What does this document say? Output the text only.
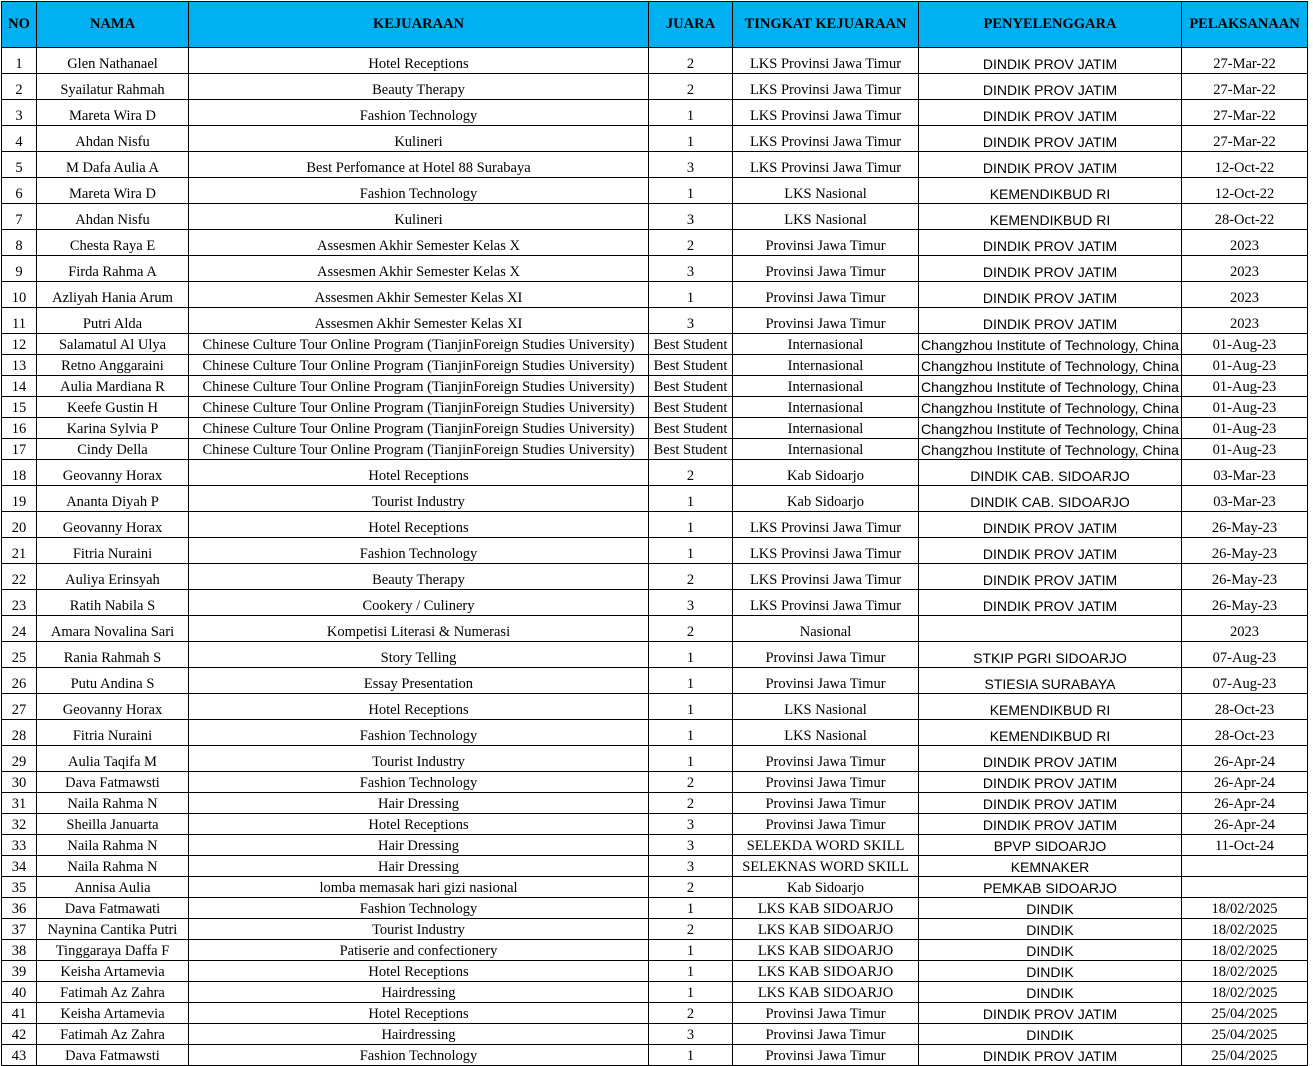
NO	NAMA	KEJUARAAN	JUARA	TINGKAT KEJUARAAN	PENYELENGGARA	PELAKSANAAN
1	Glen Nathanael	Hotel Receptions	2	LKS Provinsi Jawa Timur	DINDIK PROV JATIM	27-Mar-22
2	Syailatur Rahmah	Beauty Therapy	2	LKS Provinsi Jawa Timur	DINDIK PROV JATIM	27-Mar-22
3	Mareta Wira D	Fashion Technology	1	LKS Provinsi Jawa Timur	DINDIK PROV JATIM	27-Mar-22
4	Ahdan Nisfu	Kulineri	1	LKS Provinsi Jawa Timur	DINDIK PROV JATIM	27-Mar-22
5	M Dafa Aulia A	Best Perfomance at Hotel 88 Surabaya	3	LKS Provinsi Jawa Timur	DINDIK PROV JATIM	12-Oct-22
6	Mareta Wira D	Fashion Technology	1	LKS Nasional	KEMENDIKBUD RI	12-Oct-22
7	Ahdan Nisfu	Kulineri	3	LKS Nasional	KEMENDIKBUD RI	28-Oct-22
8	Chesta Raya E	Assesmen Akhir Semester Kelas X	2	Provinsi Jawa Timur	DINDIK PROV JATIM	2023
9	Firda Rahma A	Assesmen Akhir Semester Kelas X	3	Provinsi Jawa Timur	DINDIK PROV JATIM	2023
10	Azliyah Hania Arum	Assesmen Akhir Semester Kelas XI	1	Provinsi Jawa Timur	DINDIK PROV JATIM	2023
11	Putri Alda	Assesmen Akhir Semester Kelas XI	3	Provinsi Jawa Timur	DINDIK PROV JATIM	2023
12	Salamatul Al Ulya	Chinese Culture Tour Online Program (TianjinForeign Studies University)	Best Student	Internasional	Changzhou Institute of Technology, China	01-Aug-23
13	Retno Anggaraini	Chinese Culture Tour Online Program (TianjinForeign Studies University)	Best Student	Internasional	Changzhou Institute of Technology, China	01-Aug-23
14	Aulia Mardiana R	Chinese Culture Tour Online Program (TianjinForeign Studies University)	Best Student	Internasional	Changzhou Institute of Technology, China	01-Aug-23
15	Keefe Gustin H	Chinese Culture Tour Online Program (TianjinForeign Studies University)	Best Student	Internasional	Changzhou Institute of Technology, China	01-Aug-23
16	Karina Sylvia P	Chinese Culture Tour Online Program (TianjinForeign Studies University)	Best Student	Internasional	Changzhou Institute of Technology, China	01-Aug-23
17	Cindy Della	Chinese Culture Tour Online Program (TianjinForeign Studies University)	Best Student	Internasional	Changzhou Institute of Technology, China	01-Aug-23
18	Geovanny Horax	Hotel Receptions	2	Kab Sidoarjo	DINDIK CAB. SIDOARJO	03-Mar-23
19	Ananta Diyah P	Tourist Industry	1	Kab Sidoarjo	DINDIK CAB. SIDOARJO	03-Mar-23
20	Geovanny Horax	Hotel Receptions	1	LKS Provinsi Jawa Timur	DINDIK PROV JATIM	26-May-23
21	Fitria Nuraini	Fashion Technology	1	LKS Provinsi Jawa Timur	DINDIK PROV JATIM	26-May-23
22	Auliya Erinsyah	Beauty Therapy	2	LKS Provinsi Jawa Timur	DINDIK PROV JATIM	26-May-23
23	Ratih Nabila S	Cookery / Culinery	3	LKS Provinsi Jawa Timur	DINDIK PROV JATIM	26-May-23
24	Amara Novalina Sari	Kompetisi Literasi & Numerasi	2	Nasional		2023
25	Rania Rahmah S	Story Telling	1	Provinsi Jawa Timur	STKIP PGRI SIDOARJO	07-Aug-23
26	Putu Andina S	Essay Presentation	1	Provinsi Jawa Timur	STIESIA SURABAYA	07-Aug-23
27	Geovanny Horax	Hotel Receptions	1	LKS Nasional	KEMENDIKBUD RI	28-Oct-23
28	Fitria Nuraini	Fashion Technology	1	LKS Nasional	KEMENDIKBUD RI	28-Oct-23
29	Aulia Taqifa M	Tourist Industry	1	Provinsi Jawa Timur	DINDIK PROV JATIM	26-Apr-24
30	Dava Fatmawsti	Fashion Technology	2	Provinsi Jawa Timur	DINDIK PROV JATIM	26-Apr-24
31	Naila Rahma N	Hair Dressing	2	Provinsi Jawa Timur	DINDIK PROV JATIM	26-Apr-24
32	Sheilla Januarta	Hotel Receptions	3	Provinsi Jawa Timur	DINDIK PROV JATIM	26-Apr-24
33	Naila Rahma N	Hair Dressing	3	SELEKDA WORD SKILL	BPVP SIDOARJO	11-Oct-24
34	Naila Rahma N	Hair Dressing	3	SELEKNAS WORD SKILL	KEMNAKER	
35	Annisa Aulia	lomba memasak hari gizi nasional	2	Kab Sidoarjo	PEMKAB SIDOARJO	
36	Dava Fatmawati	Fashion Technology	1	LKS KAB SIDOARJO	DINDIK	18/02/2025
37	Naynina Cantika Putri	Tourist Industry	2	LKS KAB SIDOARJO	DINDIK	18/02/2025
38	Tinggaraya Daffa F	Patiserie and confectionery	1	LKS KAB SIDOARJO	DINDIK	18/02/2025
39	Keisha Artamevia	Hotel Receptions	1	LKS KAB SIDOARJO	DINDIK	18/02/2025
40	Fatimah Az Zahra	Hairdressing	1	LKS KAB SIDOARJO	DINDIK	18/02/2025
41	Keisha Artamevia	Hotel Receptions	2	Provinsi Jawa Timur	DINDIK PROV JATIM	25/04/2025
42	Fatimah Az Zahra	Hairdressing	3	Provinsi Jawa Timur	DINDIK	25/04/2025
43	Dava Fatmawsti	Fashion Technology	1	Provinsi Jawa Timur	DINDIK PROV JATIM	25/04/2025
